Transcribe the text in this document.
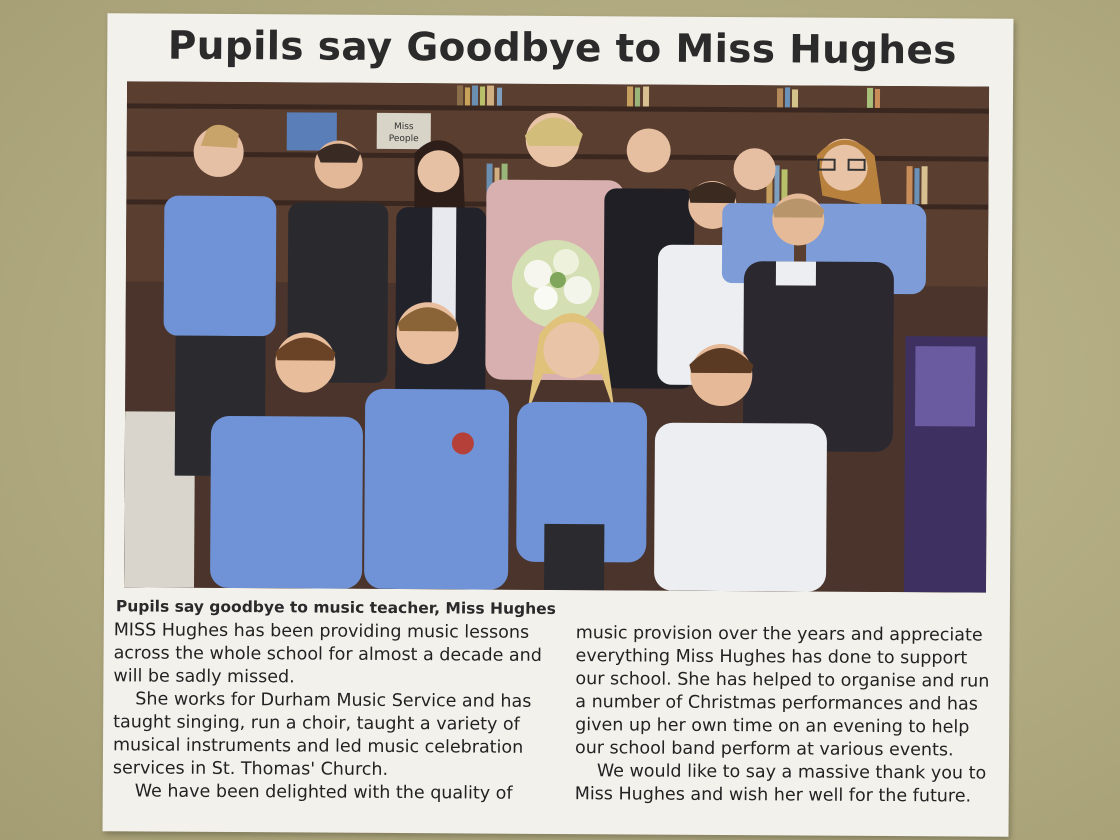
Pupils say Goodbye to Miss Hughes
Miss
People

Pupils say goodbye to music teacher, Miss Hughes

MISS Hughes has been providing music lessons across the whole school for almost a decade and will be sadly missed.

She works for Durham Music Service and has taught singing, run a choir, taught a variety of musical instruments and led music celebration services in St. Thomas' Church.

We have been delighted with the quality of

music provision over the years and appreciate everything Miss Hughes has done to support our school. She has helped to organise and run a number of Christmas performances and has given up her own time on an evening to help our school band perform at various events.

We would like to say a massive thank you to Miss Hughes and wish her well for the future.
